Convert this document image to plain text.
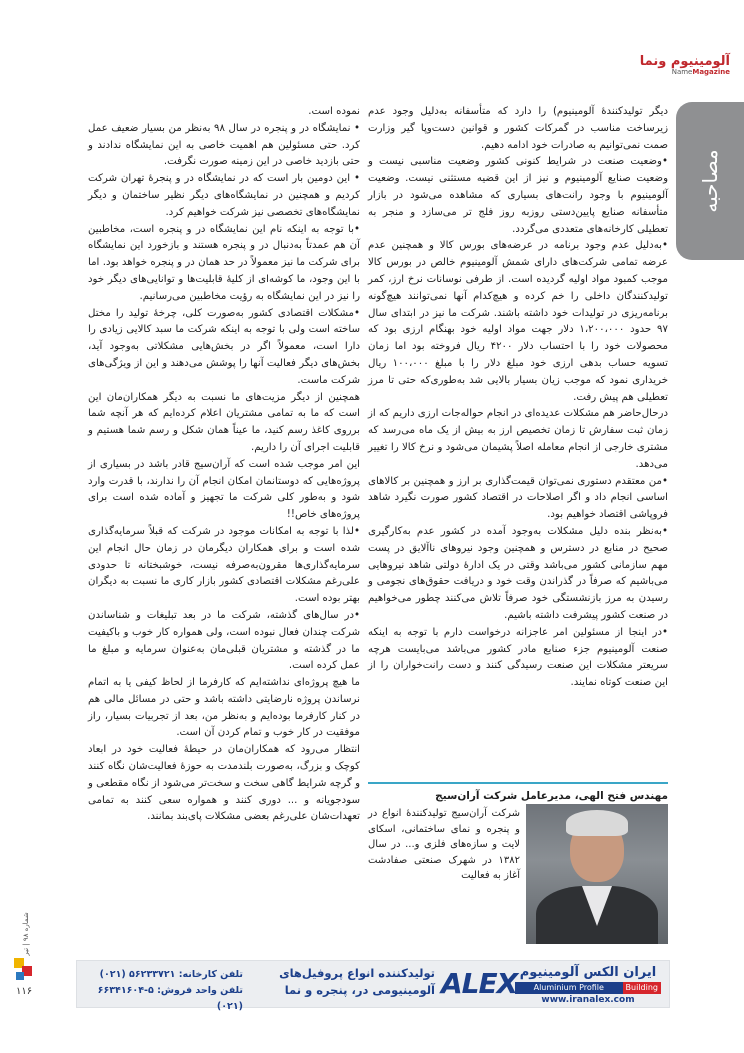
آلومینیوم ونما
NameMagazine
مصاحبه

دیگر تولیدکنندۀ آلومینیوم) را دارد که متأسفانه به‌دلیل وجود عدم زیرساخت مناسب در گمرکات کشور و قوانین دست‌وپا گیر وزارت صمت نمی‌توانیم به صادرات خود ادامه دهیم.

•وضعیت صنعت در شرایط کنونی کشور وضعیت مناسبی نیست و وضعیت صنایع آلومینیوم و نیز از این قضیه مستثنی نیست. وضعیت آلومینیوم با وجود رانت‌های بسیاری که مشاهده می‌شود در بازار متأسفانه صنایع پایین‌دستی روزبه روز فلج تر می‌سازد و منجر به تعطیلی کارخانه‌های متعددی می‌گردد.

•به‌دلیل عدم وجود برنامه در عرضه‌های بورس کالا و همچنین عدم عرضه تمامی شرکت‌های دارای شمش آلومینیوم خالص در بورس کالا موجب کمبود مواد اولیه گردیده است. از طرفی نوسانات نرخ ارز، کمر تولیدکنندگان داخلی را خم کرده و هیچ‌کدام آنها نمی‌توانند هیچ‌گونه برنامه‌ریزی در تولیدات خود داشته باشند. شرکت ما نیز در ابتدای سال ۹۷ حدود ۱،۲۰۰،۰۰۰ دلار جهت مواد اولیه خود بهنگام ارزی بود که محصولات خود را با احتساب دلار ۴۲۰۰ ریال فروخته بود اما زمان تسویه حساب بدهی ارزی خود مبلغ دلار را با مبلغ ۱۰۰،۰۰۰ ریال خریداری نمود که موجب زیان بسیار بالایی شد به‌طوری‌که حتی تا مرز تعطیلی هم پیش رفت.

درحال‌حاضر هم مشکلات عدیده‌ای در انجام حواله‌جات ارزی داریم که از زمان ثبت سفارش تا زمان تخصیص ارز به بیش از یک ماه می‌رسد که مشتری خارجی از انجام معامله اصلاً پشیمان می‌شود و نرخ کالا را تغییر می‌دهد.

•من معتقدم دستوری نمی‌توان قیمت‌گذاری بر ارز و همچنین بر کالاهای اساسی انجام داد و اگر اصلاحات در اقتصاد کشور صورت نگیرد شاهد فروپاشی اقتصاد خواهیم بود.

•به‌نظر بنده دلیل مشکلات به‌وجود آمده در کشور عدم به‌کارگیری صحیح در منابع در دسترس و همچنین وجود نیروهای ناآلایق در پست مهم سازمانی کشور می‌باشد وقتی در یک ادارۀ دولتی شاهد نیروهایی می‌باشیم که صرفاً در گذراندن وقت خود و دریافت حقوق‌های نجومی و رسیدن به مرز بازنشستگی خود صرفاً تلاش می‌کنند چطور می‌خواهیم در صنعت کشور پیشرفت داشته باشیم.

•در اینجا از مسئولین امر عاجزانه درخواست دارم با توجه به اینکه صنعت آلومینیوم جزء صنایع مادر کشور می‌باشد می‌بایست هرچه سریعتر مشکلات این صنعت رسیدگی کنند و دست رانت‌خواران را از این صنعت کوتاه نمایند.

نموده است.

• نمایشگاه در و پنجره در سال ۹۸ به‌نظر من بسیار ضعیف عمل کرد. حتی مسئولین هم اهمیت خاصی به این نمایشگاه ندادند و حتی بازدید خاصی در این زمینه صورت نگرفت.

• این دومین بار است که در نمایشگاه در و پنجرۀ تهران شرکت کردیم و همچنین در نمایشگاه‌های دیگر نظیر ساختمان و دیگر نمایشگاه‌های تخصصی نیز شرکت خواهیم کرد.

•با توجه به اینکه نام این نمایشگاه در و پنجره است، مخاطبین آن هم عمدتاً به‌دنبال در و پنجره هستند و بازخورد این نمایشگاه برای شرکت ما نیز معمولاً در حد همان در و پنجره خواهد بود. اما با این وجود، ما کوشه‌ای از کلیۀ قابلیت‌ها و توانایی‌های دیگر خود را نیز در این نمایشگاه به رؤیت مخاطبین می‌رسانیم.

•مشکلات اقتصادی کشور به‌صورت کلی، چرخۀ تولید را مختل ساخته است ولی با توجه به اینکه شرکت ما سبد کالایی زیادی را دارا است، معمولاً اگر در بخش‌هایی مشکلاتی به‌وجود آید، بخش‌های دیگر فعالیت آنها را پوشش می‌دهند و این از ویژگی‌های شرکت ماست.

همچنین از دیگر مزیت‌های ما نسبت به دیگر همکاران‌مان این است که ما به تمامی مشتریان اعلام کرده‌ایم که هر آنچه شما برروی کاغذ رسم کنید، ما عیناً همان شکل و رسم شما هستیم و قابلیت اجرای آن را داریم.

این امر موجب شده است که آران‌سیج قادر باشد در بسیاری از پروژه‌هایی که دوستانمان امکان انجام آن را ندارند، با قدرت وارد شود و به‌طور کلی شرکت ما تجهیز و آماده شده است برای پروژه‌های خاص!!

•لذا با توجه به امکانات موجود در شرکت که قبلاً سرمایه‌گذاری شده است و برای همکاران دیگرمان در زمان حال انجام این سرمایه‌گذاری‌ها مقرون‌به‌صرفه نیست، خوشبختانه تا حدودی علی‌رغم مشکلات اقتصادی کشور بازار کاری ما نسبت به دیگران بهتر بوده است.

•در سال‌های گذشته، شرکت ما در بعد تبلیغات و شناساندن شرکت چندان فعال نبوده است، ولی همواره کار خوب و باکیفیت ما در گذشته و مشتریان قبلی‌مان به‌عنوان سرمایه و مبلغ ما عمل کرده است.

ما هیچ پروژه‌ای نداشته‌ایم که کارفرما از لحاظ کیفی یا به اتمام نرساندن پروژه نارضایتی داشته باشد و حتی در مسائل مالی هم در کنار کارفرما بوده‌ایم و به‌نظر من، بعد از تجربیات بسیار، راز موفقیت در کار خوب و تمام کردن آن است.

انتظار می‌رود که همکاران‌مان در حیطۀ فعالیت خود در ابعاد کوچک و بزرگ، به‌صورت بلندمدت به حوزۀ فعالیت‌شان نگاه کنند و گرچه شرایط گاهی سخت و سخت‌تر می‌شود از نگاه مقطعی و سودجویانه و ... دوری کنند و همواره سعی کنند به تمامی تعهدات‌شان علی‌رغم بعضی مشکلات پای‌بند بمانند.

مهندس فتح الهی، مدیرعامل شرکت آران‌سیج
شرکت آران‌سیج تولیدکنندۀ انواع در و پنجره و نمای ساختمانی، اسکای لایت و سازه‌های فلزی و... در سال ۱۳۸۲ در شهرک صنعتی صفادشت آغاز به فعالیت
شماره ۹۸ | تیر
۱۱۶
ایران الکس آلومینیوم
Building
Aluminium Profile
www.iranalex.com
ALEX
تولیدکننده انواع پروفیل‌های
آلومینیومی در، پنجره و نما
تلفن کارخانه: ۵۶۲۳۳۷۲۱ (۰۲۱)
تلفن واحد فروش: ۵-۶۶۳۴۱۶۰۴ (۰۲۱)
